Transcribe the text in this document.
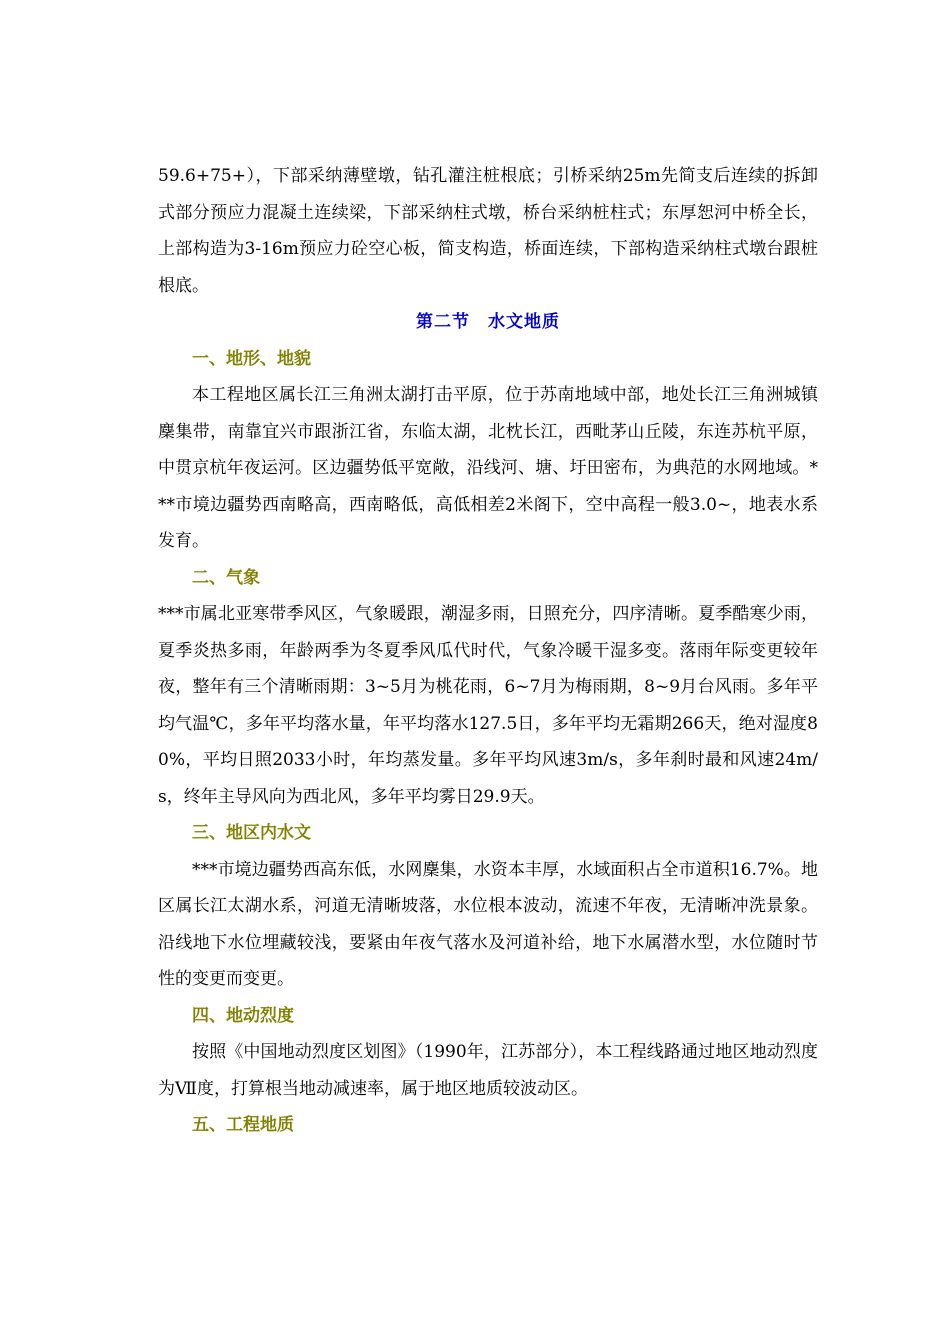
59.6+75+），下部采纳薄壁墩，钻孔灌注桩根底；引桥采纳25m先简支后连续的拆卸式部分预应力混凝土连续梁，下部采纳柱式墩，桥台采纳桩柱式；东厚恕河中桥全长，上部构造为3-16m预应力砼空心板，简支构造，桥面连续，下部构造采纳柱式墩台跟桩根底。

第二节　水文地质

一、地形、地貌

本工程地区属长江三角洲太湖打击平原，位于苏南地域中部，地处长江三角洲城镇麇集带，南靠宜兴市跟浙江省，东临太湖，北枕长江，西毗茅山丘陵，东连苏杭平原，中贯京杭年夜运河。区边疆势低平宽敞，沿线河、塘、圩田密布，为典范的水网地域。***市境边疆势西南略高，西南略低，高低相差2米阁下，空中高程一般3.0~，地表水系发育。

二、气象

***市属北亚寒带季风区，气象暖跟，潮湿多雨，日照充分，四序清晰。夏季酷寒少雨，夏季炎热多雨，年龄两季为冬夏季风瓜代时代，气象冷暖干湿多变。落雨年际变更较年夜，整年有三个清晰雨期：3~5月为桃花雨，6~7月为梅雨期，8~9月台风雨。多年平均气温℃，多年平均落水量，年平均落水127.5日，多年平均无霜期266天，绝对湿度80%，平均日照2033小时，年均蒸发量。多年平均风速3m/s，多年刹时最和风速24m/s，终年主导风向为西北风，多年平均雾日29.9天。

三、地区内水文

***市境边疆势西高东低，水网麇集，水资本丰厚，水域面积占全市道积16.7%。地区属长江太湖水系，河道无清晰坡落，水位根本波动，流速不年夜，无清晰冲洗景象。沿线地下水位埋藏较浅，要紧由年夜气落水及河道补给，地下水属潜水型，水位随时节性的变更而变更。

四、地动烈度

按照《中国地动烈度区划图》（1990年，江苏部分），本工程线路通过地区地动烈度为Ⅶ度，打算根当地动减速率，属于地区地质较波动区。

五、工程地质
